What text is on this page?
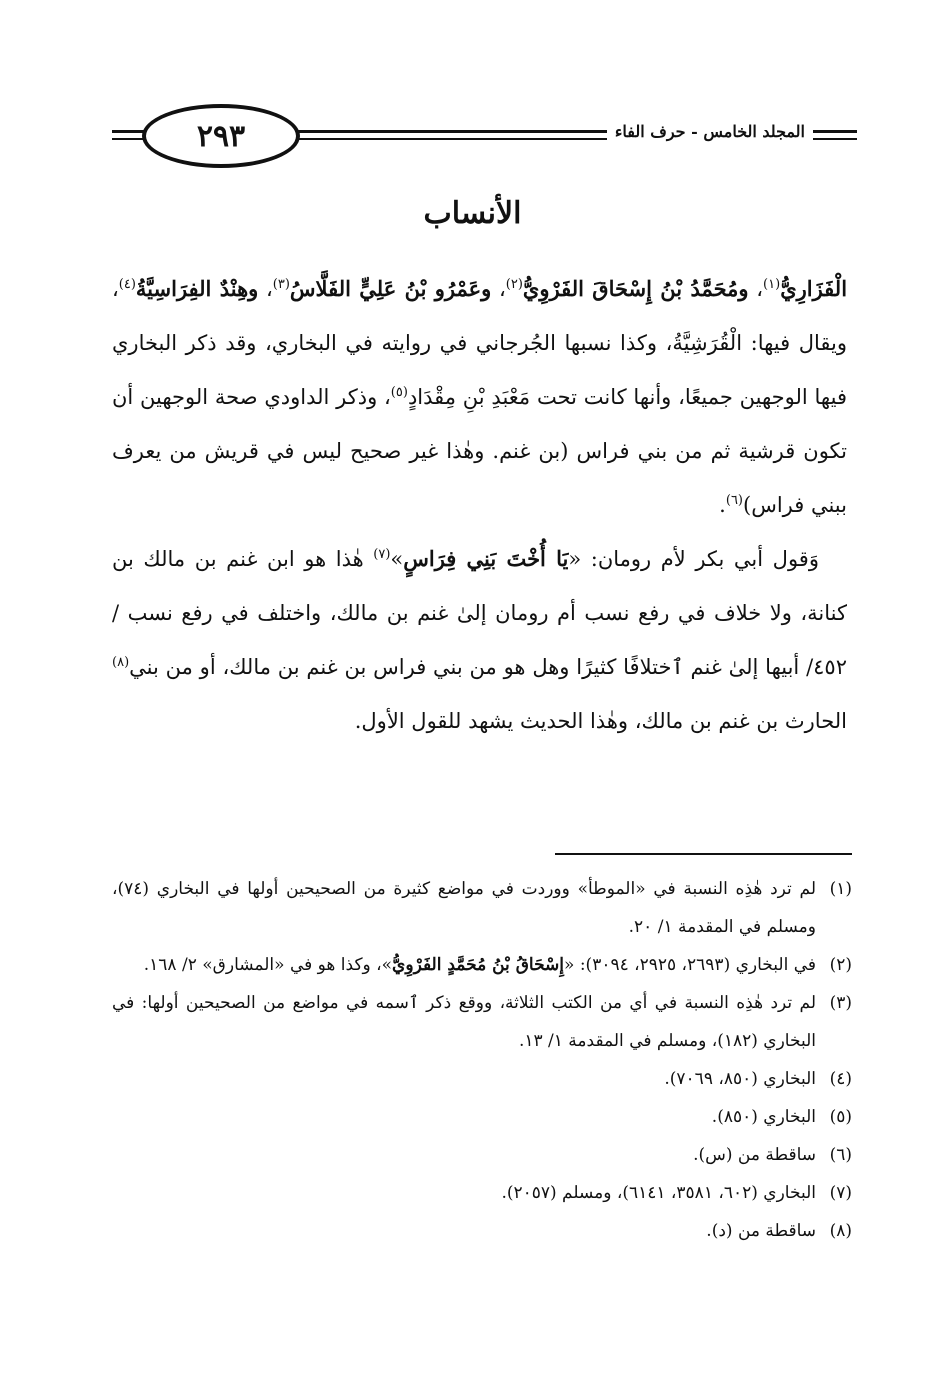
٢٩٣	المجلد الخامس - حرف الفاء
الأنساب

الْفَزَارِيُّ$^{(١)}$، ومُحَمَّدُ بْنُ إِسْحَاقَ الفَرْوِيُّ$^{(٢)}$، وعَمْرُو بْنُ عَلِيٍّ الفَلَّاسُ$^{(٣)}$، وهِنْدٌ الفِرَاسِيَّةُ$^{(٤)}$، ويقال فيها: الْقُرَشِيَّةُ، وكذا نسبها الجُرجاني في روايته في البخاري، وقد ذكر البخاري فيها الوجهين جميعًا، وأنها كانت تحت مَعْبَدِ بْنِ مِقْدَادٍ$^{(٥)}$، وذكر الداودي صحة الوجهين أن تكون قرشية ثم من بني فراس (بن غنم. وهٰذا غير صحيح ليس في قريش من يعرف ببني فراس)$^{(٦)}$.

وَقول أبي بكر لأم رومان: «يَا أُخْتَ بَنِي فِرَاسٍ»$^{(٧)}$ هٰذا هو ابن غنم بن مالك بن كنانة، ولا خلاف في رفع نسب أم رومان إلىٰ غنم بن مالك، واختلف في رفع نسب /٤٥٢/ أبيها إلىٰ غنم ٱختلافًا كثيرًا وهل هو من بني فراس بن غنم بن مالك، أو من بني$^{(٨)}$ الحارث بن غنم بن مالك، وهٰذا الحديث يشهد للقول الأول.

(١)
لم ترد هٰذِه النسبة في «الموطأ» ووردت في مواضع كثيرة من الصحيحين أولها في البخاري (٧٤)، ومسلم في المقدمة ١/ ٢٠.
(٢)
في البخاري (٢٦٩٣، ٢٩٢٥، ٣٠٩٤): «إِسْحَاقُ بْنُ مُحَمَّدٍ الفَرْوِيُّ»، وكذا هو في «المشارق» ٢/ ١٦٨.
(٣)
لم ترد هٰذِه النسبة في أي من الكتب الثلاثة، ووقع ذكر ٱسمه في مواضع من الصحيحين أولها: في البخاري (١٨٢)، ومسلم في المقدمة ١/ ١٣.
(٤)
البخاري (٨٥٠، ٧٠٦٩).
(٥)
البخاري (٨٥٠).
(٦)
ساقطة من (س).
(٧)
البخاري (٦٠٢، ٣٥٨١، ٦١٤١)، ومسلم (٢٠٥٧).
(٨)
ساقطة من (د).
